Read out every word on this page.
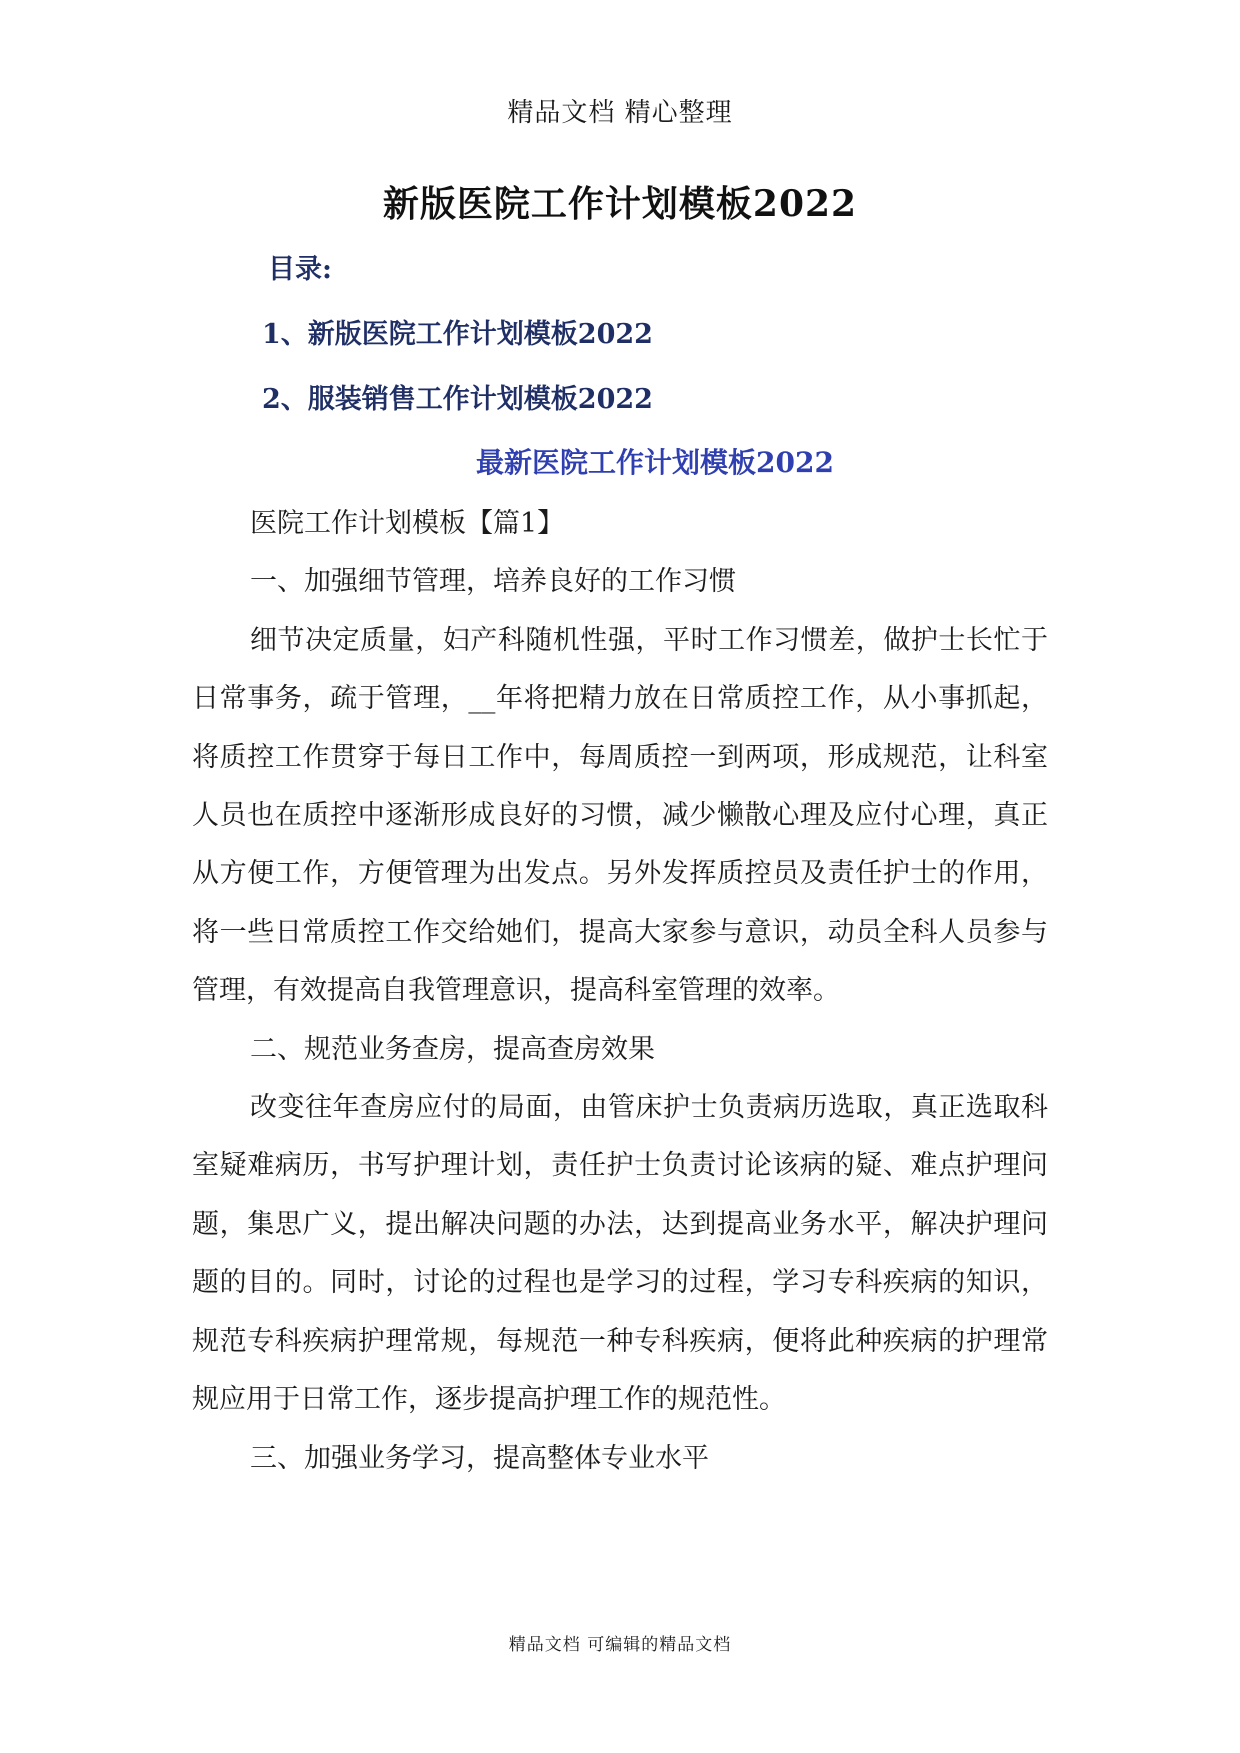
精品文档 精心整理
新版医院工作计划模板2022
目录:
1、新版医院工作计划模板2022
2、服装销售工作计划模板2022
最新医院工作计划模板2022

医院工作计划模板【篇1】

一、加强细节管理，培养良好的工作习惯

细节决定质量，妇产科随机性强，平时工作习惯差，做护士长忙于日常事务，疏于管理，__年将把精力放在日常质控工作，从小事抓起，将质控工作贯穿于每日工作中，每周质控一到两项，形成规范，让科室人员也在质控中逐渐形成良好的习惯，减少懒散心理及应付心理，真正从方便工作，方便管理为出发点。另外发挥质控员及责任护士的作用，将一些日常质控工作交给她们，提高大家参与意识，动员全科人员参与管理，有效提高自我管理意识，提高科室管理的效率。

二、规范业务查房，提高查房效果

改变往年查房应付的局面，由管床护士负责病历选取，真正选取科室疑难病历，书写护理计划，责任护士负责讨论该病的疑、难点护理问题，集思广义，提出解决问题的办法，达到提高业务水平，解决护理问题的目的。同时，讨论的过程也是学习的过程，学习专科疾病的知识，规范专科疾病护理常规，每规范一种专科疾病，便将此种疾病的护理常规应用于日常工作，逐步提高护理工作的规范性。

三、加强业务学习，提高整体专业水平

精品文档 可编辑的精品文档
